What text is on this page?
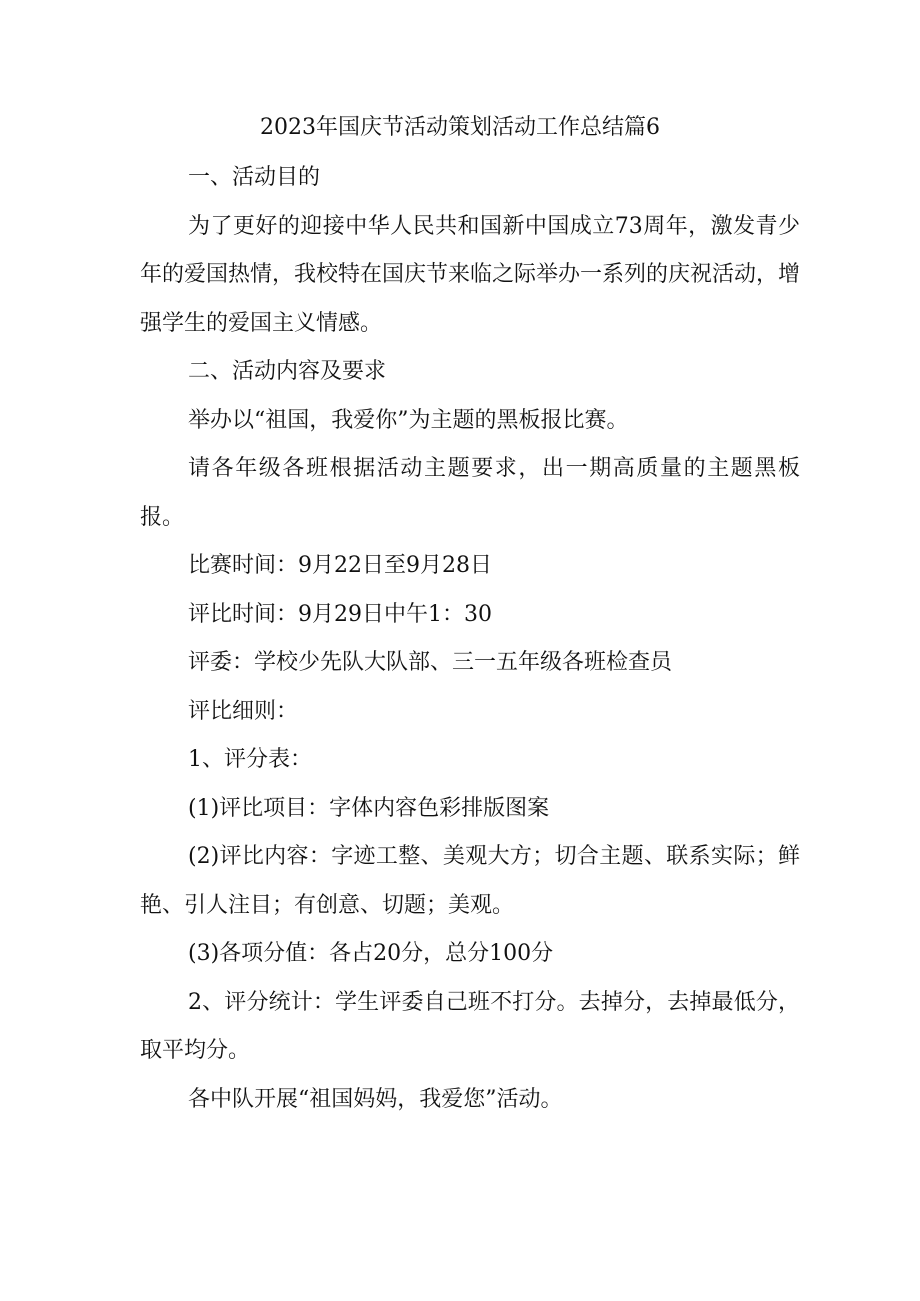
2023年国庆节活动策划活动工作总结篇6

一、活动目的

为了更好的迎接中华人民共和国新中国成立73周年，激发青少年的爱国热情，我校特在国庆节来临之际举办一系列的庆祝活动，增强学生的爱国主义情感。

二、活动内容及要求

举办以“祖国，我爱你”为主题的黑板报比赛。

请各年级各班根据活动主题要求，出一期高质量的主题黑板报。

比赛时间：9月22日至9月28日

评比时间：9月29日中午1：30

评委：学校少先队大队部、三一五年级各班检查员

评比细则：

1、评分表：

(1)评比项目：字体内容色彩排版图案

(2)评比内容：字迹工整、美观大方；切合主题、联系实际；鲜艳、引人注目；有创意、切题；美观。

(3)各项分值：各占20分，总分100分

2、评分统计：学生评委自己班不打分。去掉分，去掉最低分，取平均分。

各中队开展“祖国妈妈，我爱您”活动。
